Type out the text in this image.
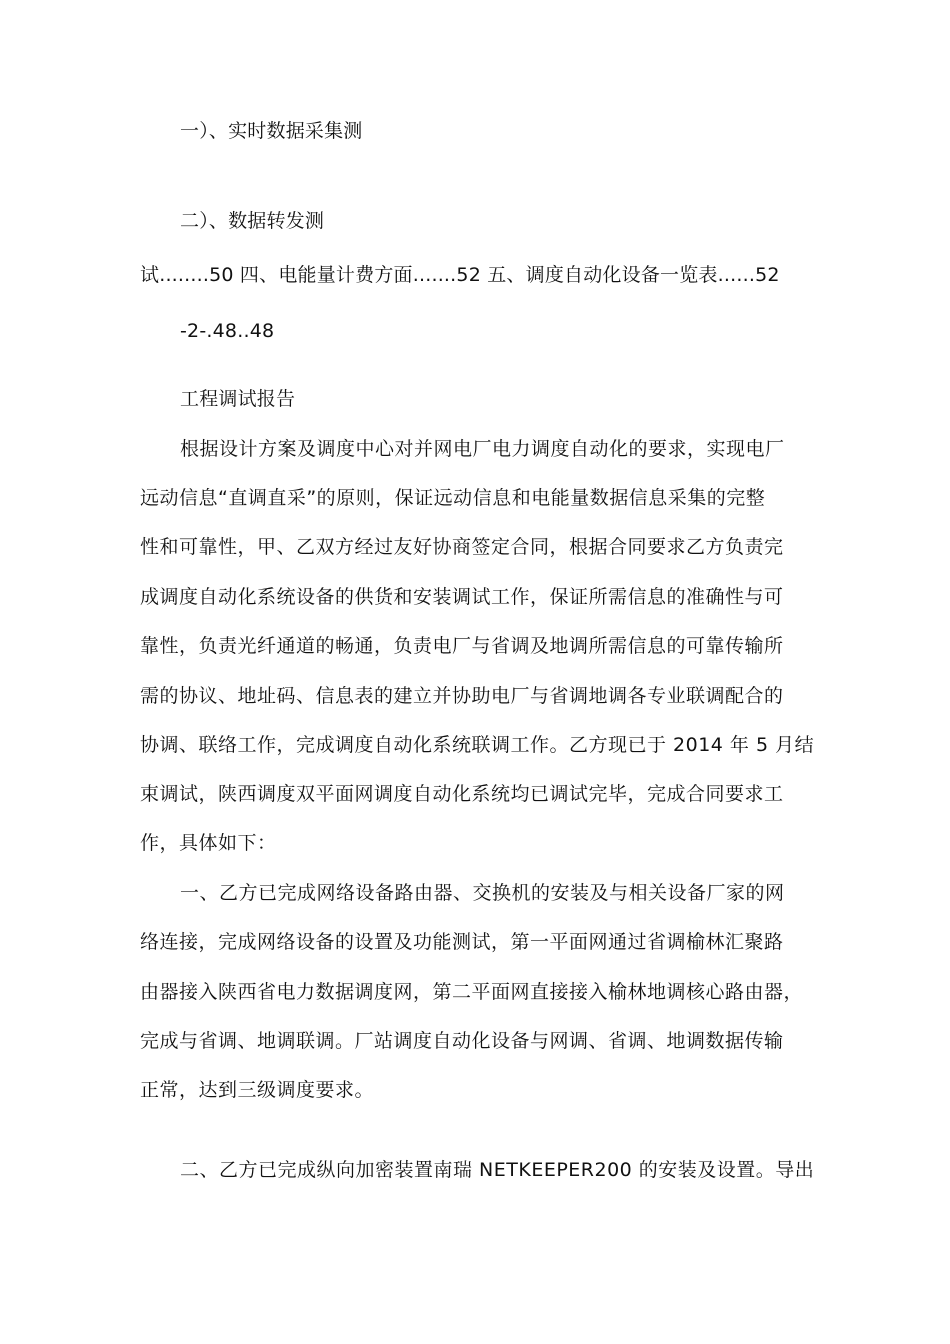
一）、实时数据采集测
二）、数据转发测
试........50 四、电能量计费方面.......52 五、调度自动化设备一览表......52
-2-.48..48
工程调试报告
根据设计方案及调度中心对并网电厂电力调度自动化的要求，实现电厂
远动信息“直调直采”的原则，保证远动信息和电能量数据信息采集的完整
性和可靠性，甲、乙双方经过友好协商签定合同，根据合同要求乙方负责完
成调度自动化系统设备的供货和安装调试工作，保证所需信息的准确性与可
靠性，负责光纤通道的畅通，负责电厂与省调及地调所需信息的可靠传输所
需的协议、地址码、信息表的建立并协助电厂与省调地调各专业联调配合的
协调、联络工作，完成调度自动化系统联调工作。乙方现已于 2014 年 5 月结
束调试，陕西调度双平面网调度自动化系统均已调试完毕，完成合同要求工
作，具体如下：
一、乙方已完成网络设备路由器、交换机的安装及与相关设备厂家的网
络连接，完成网络设备的设置及功能测试，第一平面网通过省调榆林汇聚路
由器接入陕西省电力数据调度网，第二平面网直接接入榆林地调核心路由器，
完成与省调、地调联调。厂站调度自动化设备与网调、省调、地调数据传输
正常，达到三级调度要求。
二、乙方已完成纵向加密装置南瑞 NETKEEPER200 的安装及设置。导出
